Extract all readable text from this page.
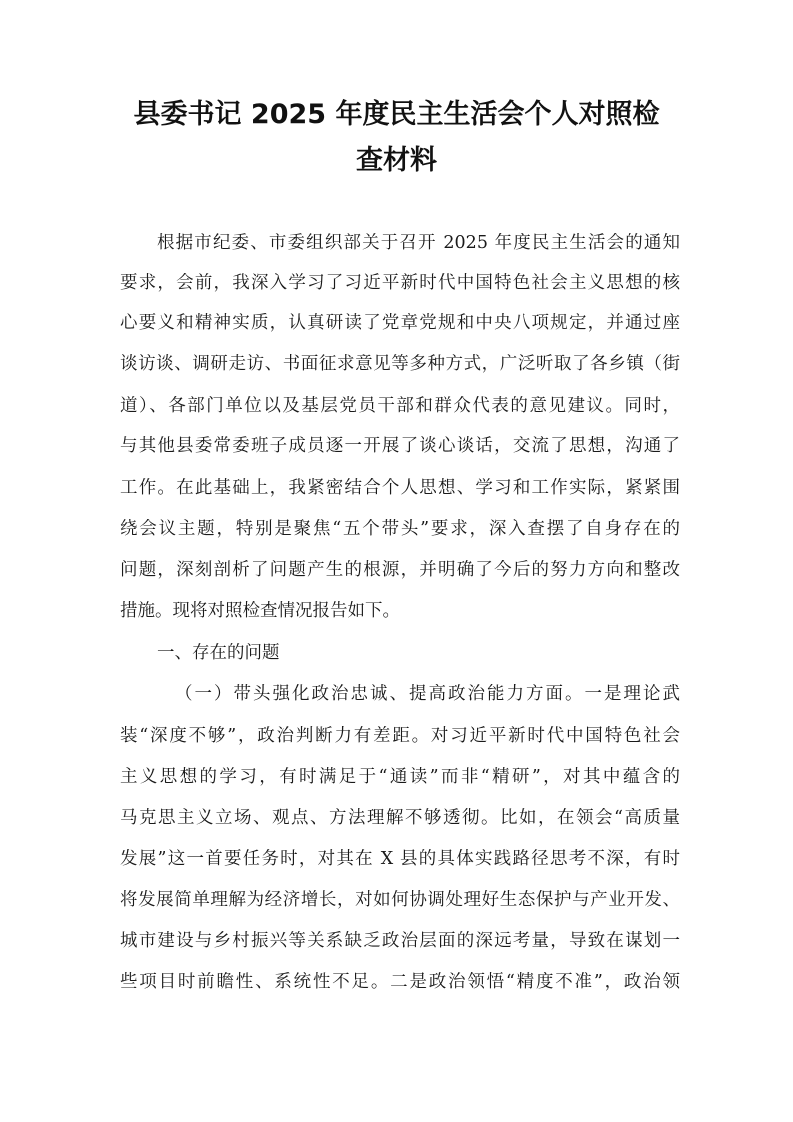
县委书记 2025 年度民主生活会个人对照检
查材料
根据市纪委、市委组织部关于召开 2025 年度民主生活会的通知
要求，会前，我深入学习了习近平新时代中国特色社会主义思想的核
心要义和精神实质，认真研读了党章党规和中央八项规定，并通过座
谈访谈、调研走访、书面征求意见等多种方式，广泛听取了各乡镇（街
道）、各部门单位以及基层党员干部和群众代表的意见建议。同时，
与其他县委常委班子成员逐一开展了谈心谈话，交流了思想，沟通了
工作。在此基础上，我紧密结合个人思想、学习和工作实际，紧紧围
绕会议主题，特别是聚焦“五个带头”要求，深入查摆了自身存在的
问题，深刻剖析了问题产生的根源，并明确了今后的努力方向和整改
措施。现将对照检查情况报告如下。
一、存在的问题
（一）带头强化政治忠诚、提高政治能力方面。一是理论武
装“深度不够”，政治判断力有差距。对习近平新时代中国特色社会
主义思想的学习，有时满足于“通读”而非“精研”，对其中蕴含的
马克思主义立场、观点、方法理解不够透彻。比如，在领会“高质量
发展”这一首要任务时，对其在 X 县的具体实践路径思考不深，有时
将发展简单理解为经济增长，对如何协调处理好生态保护与产业开发、
城市建设与乡村振兴等关系缺乏政治层面的深远考量，导致在谋划一
些项目时前瞻性、系统性不足。二是政治领悟“精度不准”，政治领
